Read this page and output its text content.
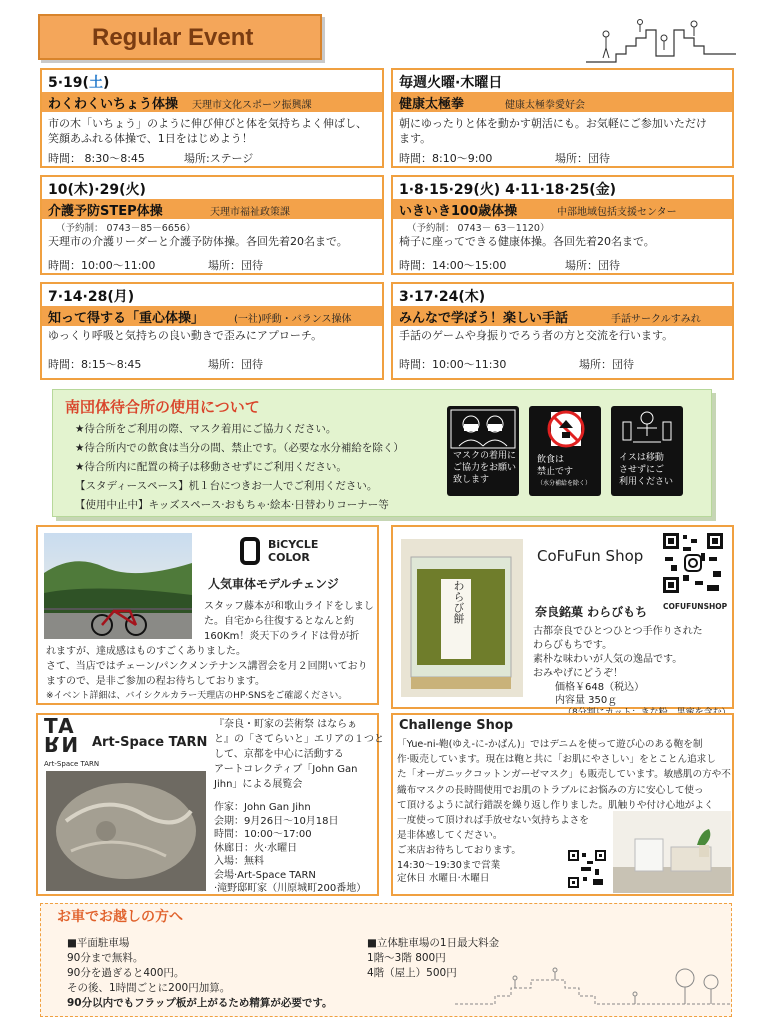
Regular Event
5·19(土)
わくわくいちょう体操 天理市文化スポーツ振興課
市の木「いちょう」のように伸び伸びと体を気持ちよく伸ばし、
笑顔あふれる体操で、1日をはじめよう！
時間： 8:30〜8:45	場所:ステージ
毎週火曜·木曜日
健康太極拳	健康太極拳愛好会
朝にゆったりと体を動かす朝活にも。お気軽にご参加いただけ
ます。
時間：8:10〜9:00	場所：団待
10(木)·29(火)
介護予防STEP体操	天理市福祉政策課
（予約制： 0743－85－6656）
天理市の介護リーダーと介護予防体操。各回先着20名まで。
時間：10:00〜11:00	場所：団待
1·8·15·29(火) 4·11·18·25(金)
いきいき100歳体操	中部地域包括支援センター
（予約制： 0743－ 63－1120）
椅子に座ってできる健康体操。各回先着20名まで。
時間：14:00〜15:00	場所：団待
7·14·28(月)
知って得する「重心体操」	(一社)呼動・バランス操体
ゆっくり呼吸と気持ちの良い動きで歪みにアプローチ。
時間：8:15〜8:45	場所：団待
3·17·24(木)
みんなで学ぼう！楽しい手話	手話サークルすみれ
手話のゲームや身振りでろう者の方と交流を行います。
時間：10:00〜11:30	場所：団待
南団体待合所の使用について
★待合所をご利用の際、マスク着用にご協力ください。
★待合所内での飲食は当分の間、禁止です。（必要な水分補給を除く）
★待合所内に配置の椅子は移動させずにご利用ください。
【スタディースペース】机１台につきお一人でご利用ください。
【使用中止中】キッズスペース·おもちゃ·絵本·日替わりコーナー等
マスクの着用に
ご協力をお願い
致します
飲食は
禁止です
（水分補給を除く）
イスは移動
させずにご
利用ください
BiCYCLE
COLOR
人気車体モデルチェンジ
スタッフ藤本が和歌山ライドをしました。自宅から往復するとなんと約
160Km！炎天下のライドは骨が折
れますが、達成感はものすごくありました。
さて、当店ではチェーン/パンクメンテナンス講習会を月２回開いており
ますので、是非ご参加の程お待ちしております。
※イベント詳細は、バイシクルカラー天理店のHP·SNSをご確認ください。
わらび餅
CoFuFun Shop
COFUFUNSHOP
奈良銘菓 わらびもち
古都奈良でひとつひとつ手作りされた
わらびもちです。
素朴な味わいが人気の逸品です。
おみやげにどうぞ！
価格￥648（税込）
内容量 350ｇ
TA
RN
Art-Space TARN
Art-Space TARN
『奈良・町家の芸術祭 はならぁ
と』の「さてらいと」エリアの１つと
して、京都を中心に活動する
アートコレクティブ「John Gan
Jihn」による展覧会
作家：John Gan Jihn
会期：9月26日〜10月18日
時間：10:00〜17:00
休廊日：火·水曜日
入場：無料
会場·Art-Space TARN
·滝野邸町家（川原城町200番地）
Challenge Shop
「Yue-ni-鞄(ゆえ-に-かばん)」ではデニムを使って遊び心のある鞄を制
作·販売しています。現在は鞄と共に「お肌にやさしい」をとことん追求し
た「オーガニックコットンガーゼマスク」も販売しています。敏感肌の方や不
織布マスクの長時間使用でお肌のトラブルにお悩みの方に安心して使っ
て頂けるように試行錯誤を繰り返し作りました。肌触りや付け心地がよく
一度使って頂ければ手放せない気持ちよさを
是非体感してください。
ご来店お待ちしております。
14:30〜19:30まで営業
定休日 水曜日·木曜日
お車でお越しの方へ
■平面駐車場
90分まで無料。
90分を過ぎると400円。
その後、1時間ごとに200円加算。
90分以内でもフラップ板が上がるため精算が必要です。
■立体駐車場の1日最大料金
1階〜3階 800円
4階（屋上）500円
